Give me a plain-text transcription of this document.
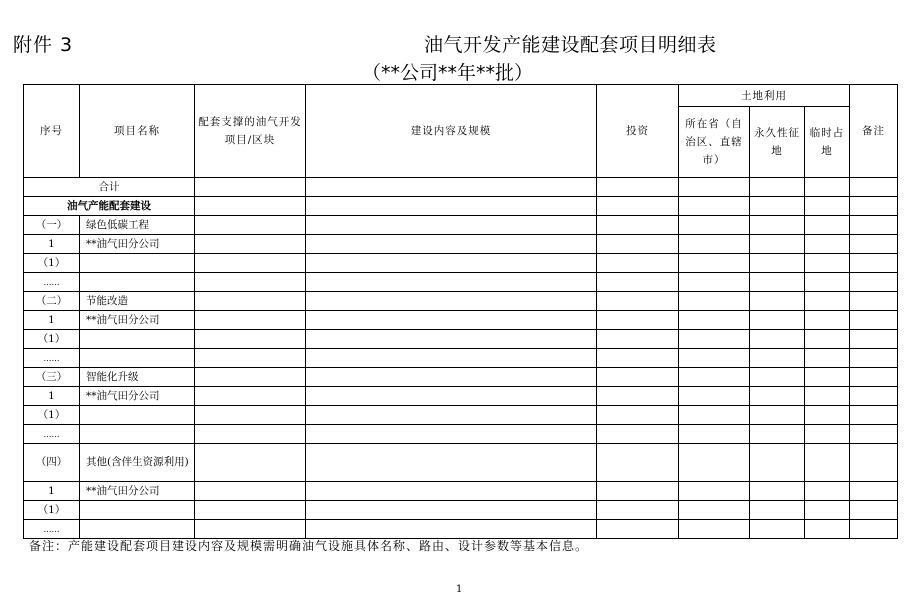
附件 3	油气开发产能建设配套项目明细表
（**公司**年**批）
序号	项目名称	配套支撑的油气开发项目/区块	建设内容及规模	投资	土地利用			备注
					所在省（自治区、直辖市）	永久性征地	临时占地	
合计								
油气产能配套建设								
（一）	绿色低碳工程							
1	**油气田分公司							
（1）								
……								
（二）	节能改造							
1	**油气田分公司							
（1）								
……								
（三）	智能化升级							
1	**油气田分公司							
（1）								
……								
（四）	其他(含伴生资源利用)							
1	**油气田分公司							
（1）								
……								
备注：产能建设配套项目建设内容及规模需明确油气设施具体名称、路由、设计参数等基本信息。
1
